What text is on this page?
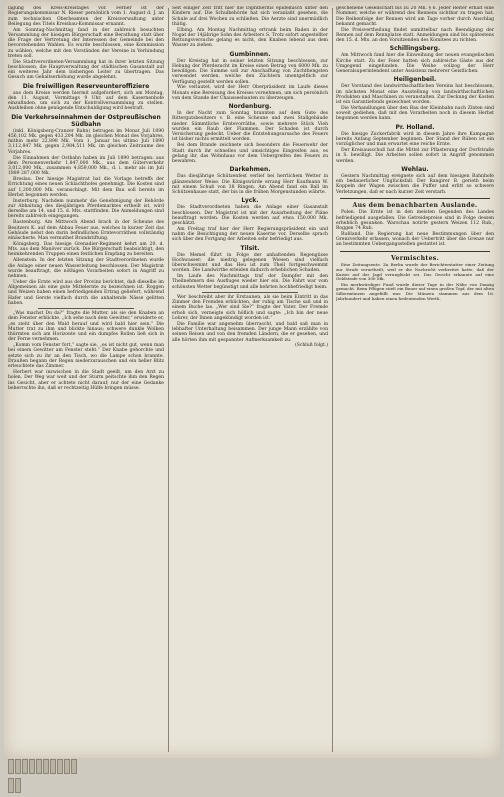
lagung des Kreis-Kreistages vor. Ferner ist der Regierungskommissar N. Rieser persönlich vom 1. August d. J. an zum technischen Oberbeamten der Kreisverwaltung unter Beilegung des Titels Kreisbau-Kommissar ernannt.

Am Sonntag-Nachmittag fand in der zahlreich besuchten Versammlung der hiesigen Bürgerschaft eine Berathung statt über die Frage der Vertretung der Interessen der Gemeinde bei den bevorstehenden Wahlen. Es wurde beschlossen, eine Kommission zu wählen, welche mit den Vorständen der Vereine in Verbindung treten soll.

Die Stadtverordneten-Versammlung hat in ihrer letzten Sitzung beschlossen, die Hauptverwaltung der städtischen Gasanstalt auf ein weiteres Jahr dem bisherigen Leiter zu übertragen. Das Gesuch um Gehaltserhöhung wurde abgelehnt.

Die freiwilligen Reserveunteroffiziere

aus dem Kreise werden hiermit aufgefordert, sich am Montag, den 11. August, Vormittags 9 Uhr, auf dem Kasernenhofe einzufinden, um sich zu der Kontrollversammlung zu stellen. Ausbleiben ohne genügende Entschuldigung wird bestraft.

Die Verkehrseinnahmen der Ostpreußischen Südbahn

(inkl. Königsberg-Cranzer Bahn) betrugen im Monat Juli 1890 456,102 Mk. gegen 433,204 Mk. im gleichen Monat des Vorjahres, mithin mehr 22,898 Mk. Vom 1. Januar bis ultimo Juli 1890 3,112,847 Mk. gegen 2,984,511 Mk. im gleichen Zeitraume des Vorjahres.

Die Einnahmen der Ostbahn haben im Juli 1890 betragen: aus dem Personenverkehr 1,847,000 Mk., aus dem Güterverkehr 3,012,000 Mk., zusammen 4,859,000 Mk., d. i. mehr als im Juli 1889 287,000 Mk.

Breslau. Der hiesige Magistrat hat die Vorlage betreffs der Errichtung eines neuen Schlachthofes genehmigt. Die Kosten sind auf 1,200,000 Mk. veranschlagt. Mit dem Bau soll bereits im Herbst begonnen werden.

Insterburg. Nachdem nunmehr die Genehmigung der Behörde zur Abhaltung des diesjährigen Pferdemarktes ertheilt ist, wird derselbe am 14. und 15. d. Mts. stattfinden. Die Anmeldungen sind bereits zahlreich eingegangen.

Rastenburg. Am Mittwoch Abend brach in der Scheune des Besitzers K. auf dem Abbau Feuer aus, welches in kurzer Zeit das Gebäude nebst den darin befindlichen Erntevorräthen vollständig einäscherte. Man vermuthet Brandstiftung.

Königsberg. Das hiesige Grenadier-Regiment kehrt am 20. d. Mts. aus dem Manöver zurück. Die Bürgerschaft beabsichtigt, den heimkehrenden Truppen einen festlichen Empfang zu bereiten.

Allenstein. In der letzten Sitzung der Stadtverordneten wurde die Anlage einer neuen Wasserleitung beschlossen. Der Magistrat wurde beauftragt, die nöthigen Vorarbeiten sofort in Angriff zu nehmen.

Ueber die Ernte wird aus der Provinz berichtet, daß dieselbe im Allgemeinen als eine gute Mittelernte zu bezeichnen ist. Roggen und Weizen haben einen befriedigenden Ertrag geliefert, während Hafer und Gerste vielfach durch die anhaltende Nässe gelitten haben.

„Was machst Du da?“ fragte die Mutter, als sie den Knaben an dem Fenster erblickte. „Ich sehe nach dem Gewitter,“ erwiderte er, „es zieht über den Wald herauf und wird bald hier sein.“ Die Mutter trat zu ihm und blickte hinaus; schwere dunkle Wolken thürmten sich am Horizonte und ein dumpfes Rollen ließ sich in der Ferne vernehmen.

„Komm vom Fenster fort,“ sagte sie, „es ist nicht gut, wenn man bei einem Gewitter am Fenster steht.“ Der Knabe gehorchte und setzte sich zu ihr an den Tisch, wo die Lampe schon brannte. Draußen begann der Regen niederzurauschen und ein heller Blitz erleuchtete das Zimmer.

Herbert war inzwischen in die Stadt geeilt, um den Arzt zu holen. Der Weg war weit und der Sturm peitschte ihm den Regen ins Gesicht, aber er achtete nicht darauf; nur der eine Gedanke beherrschte ihn, daß er rechtzeitig Hülfe bringen müsse.

Seit einiger Zeit tritt hier die Diphtheritis epidemisch unter den Kindern auf. Die Schulbehörde hat sich veranlaßt gesehen, die Schule auf drei Wochen zu schließen. Die Aerzte sind unermüdlich thätig.

Elbing. Am Montag Nachmittag ertrank beim Baden in der Nogat der 14jährige Sohn des Arbeiters S. Trotz sofort angestellter Rettungsversuche gelang es nicht, den Knaben lebend aus dem Wasser zu ziehen.

Gumbinnen.

Der Kreistag hat in seiner letzten Sitzung beschlossen, zur Hebung der Pferdezucht im Kreise einen Betrag von 6000 Mk. zu bewilligen. Die Summe soll zur Anschaffung von Zuchthengsten verwendet werden, welche den Züchtern unentgeltlich zur Verfügung gestellt werden sollen.

Wie verlautet, wird der Herr Oberpräsident im Laufe dieses Monats eine Bereisung des Kreises vornehmen, um sich persönlich von dem Stande der Chausseebauten zu überzeugen.

Nordenburg.

In der Nacht zum Sonntag brannten auf dem Gute des Rittergutsbesitzers v. B. eine Scheune und zwei Stallgebäude nieder. Sämmtliche Erntevorräthe, sowie mehrere Stück Vieh wurden ein Raub der Flammen. Der Schaden ist durch Versicherung gedeckt. Ueber die Entstehungsursache des Feuers ist bisher nichts ermittelt worden.

Bei dem Brande zeichnete sich besonders die Feuerwehr der Stadt durch ihr schnelles und umsichtiges Eingreifen aus; es gelang ihr, das Wohnhaus vor dem Uebergreifen des Feuers zu bewahren.

Darkehmen.

Das diesjährige Schützenfest verlief bei herrlichem Wetter in glänzendster Weise. Die Königswürde errang Herr Kaufmann W. mit einem Schuß von 38 Ringen. Am Abend fand ein Ball im Schützenhause statt, der bis in die frühen Morgenstunden währte.

Lyck.

Die Stadtverordneten haben die Anlage einer Gasanstalt beschlossen. Der Magistrat ist mit der Ausarbeitung der Pläne beauftragt worden. Die Kosten werden auf etwa 150,000 Mk. geschätzt.

Am Freitag traf hier der Herr Regierungspräsident ein und nahm die Besichtigung der neuen Kaserne vor. Derselbe sprach sich über den Fortgang der Arbeiten sehr befriedigt aus.

Tilsit.

Die Memel führt in Folge der anhaltenden Regengüsse Hochwasser; die niedrig gelegenen Wiesen sind vielfach überschwemmt und das Heu ist zum Theil fortgeschwemmt worden. Die Landwirthe erleiden dadurch erheblichen Schaden.

Im Laufe des Nachmittags traf der Dampfer mit den Theilnehmern des Ausfluges wieder hier ein. Die Fahrt war vom schönsten Wetter begünstigt und alle kehrten hochbefriedigt heim.

Wer beschreibt aber ihr Erstaunen, als sie beim Eintritt in das Zimmer den Fremden erblickten, der ruhig am Tische saß und in einem Buche las. „Wer sind Sie?“ fragte der Vater. Der Fremde erhob sich, verneigte sich höflich und sagte: „Ich bin der neue Lehrer, der Ihnen angekündigt worden ist.“

Die Familie war angenehm überrascht, und bald saß man in lebhafter Unterhaltung beisammen. Der junge Mann erzählte von seinen Reisen und von den fremden Ländern, die er gesehen, und alle hörten ihm mit gespannter Aufmerksamkeit zu.

(Schluß folgt.)

geschehene Gesellschaft bis zu 20 Mk. § 6. Jeder Reiter erhält eine Nummer, welche er während des Rennens sichtbar zu tragen hat. Die Reihenfolge der Rennen wird am Tage vorher durch Anschlag bekannt gemacht.

Die Preisvertheilung findet unmittelbar nach Beendigung der Rennen auf dem Rennplatze statt. Anmeldungen sind bis spätestens den 15. d. Mts. an den Vorsitzenden des Komitees zu richten.

Schillingsberg.

Am Mittwoch fand hier die Einweihung der neuen evangelischen Kirche statt. Zu der Feier hatten sich zahlreiche Gäste aus der Umgegend eingefunden. Die Weihe vollzog der Herr Generalsuperintendent unter Assistenz mehrerer Geistlichen.

Heiligenbeil.

Der Vorstand des landwirthschaftlichen Vereins hat beschlossen, im nächsten Monat eine Ausstellung von landwirthschaftlichen Produkten und Maschinen zu veranstalten. Zur Deckung der Kosten ist ein Garantiefonds gezeichnet worden.

Die Verhandlungen über den Bau der Kleinbahn nach Zinten sind soweit gediehen, daß mit den Vorarbeiten noch in diesem Herbst begonnen werden kann.

Pr. Holland.

Die hiesige Zuckerfabrik wird in diesem Jahre ihre Kampagne bereits Anfang September beginnen. Der Stand der Rüben ist ein vorzüglicher und man erwartet eine reiche Ernte.

Der Kreisausschuß hat die Mittel zur Pflasterung der Dorfstraße in S. bewilligt. Die Arbeiten sollen sofort in Angriff genommen werden.

Wehlau.

Gestern Nachmittag ereignete sich auf dem hiesigen Bahnhofe ein bedauerlicher Unglücksfall. Der Rangirer B. gerieth beim Koppeln der Wagen zwischen die Puffer und erlitt so schwere Verletzungen, daß er nach kurzer Zeit verstarb.

Aus dem benachbarten Auslande.

Polen. Die Ernte ist in den meisten Gegenden des Landes befriedigend ausgefallen. Die Getreidepreise sind in Folge dessen erheblich gesunken. Warschau notirte gestern Weizen 112 Rub., Roggen 74 Rub.

Rußland. Die Regierung hat neue Bestimmungen über den Grenzverkehr erlassen, wonach der Uebertritt über die Grenze nur an bestimmten Uebergangsstellen gestattet ist.

Vermischtes.

Eine Zeitungsente. Zu Berlin wurde der Berichterstatter einer Zeitung zur Strafe verurtheilt, weil er die Nachricht verbreitet hatte, daß der Kaiser auf der Jagd verunglückt sei. Das Gericht erkannte auf eine Geldstrafe von 300 Mk.

Ein merkwürdiger Fund wurde dieser Tage in der Nähe von Danzig gemacht. Beim Pflügen stieß ein Bauer auf einen großen Topf, der mit alten Silbermünzen angefüllt war. Die Münzen stammen aus dem 16. Jahrhundert und haben einen bedeutenden Werth.
